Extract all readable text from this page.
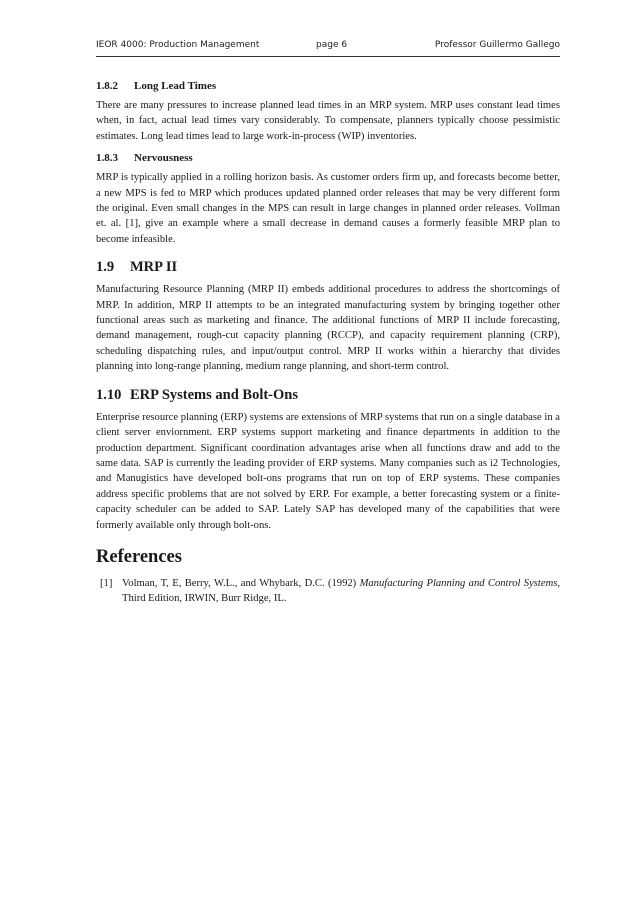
IEOR 4000: Production Management	page 6	Professor Guillermo Gallego
1.8.2 Long Lead Times

There are many pressures to increase planned lead times in an MRP system. MRP uses constant lead times when, in fact, actual lead times vary considerably. To compensate, planners typically choose pessimistic estimates. Long lead times lead to large work-in-process (WIP) inventories.

1.8.3 Nervousness

MRP is typically applied in a rolling horizon basis. As customer orders firm up, and forecasts become better, a new MPS is fed to MRP which produces updated planned order releases that may be very different form the original. Even small changes in the MPS can result in large changes in planned order releases. Vollman et. al. [1], give an example where a small decrease in demand causes a formerly feasible MRP plan to become infeasible.

1.9 MRP II

Manufacturing Resource Planning (MRP II) embeds additional procedures to address the shortcomings of MRP. In addition, MRP II attempts to be an integrated manufacturing system by bringing together other functional areas such as marketing and finance. The additional functions of MRP II include forecasting, demand management, rough-cut capacity planning (RCCP), and capacity requirement planning (CRP), scheduling dispatching rules, and input/output control. MRP II works within a hierarchy that divides planning into long-range planning, medium range planning, and short-term control.

1.10 ERP Systems and Bolt-Ons

Enterprise resource planning (ERP) systems are extensions of MRP systems that run on a single database in a client server enviornment. ERP systems support marketing and finance departments in addition to the production department. Significant coordination advantages arise when all functions draw and add to the same data. SAP is currently the leading provider of ERP systems. Many companies such as i2 Technologies, and Manugistics have developed bolt-ons programs that run on top of ERP systems. These companies address specific problems that are not solved by ERP. For example, a better forecasting system or a finite-capacity scheduler can be added to SAP. Lately SAP has developed many of the capabilities that were formerly available only through bolt-ons.

References
[1] Volman, T, E, Berry, W.L., and Whybark, D.C. (1992) Manufacturing Planning and Control Systems, Third Edition, IRWIN, Burr Ridge, IL.
